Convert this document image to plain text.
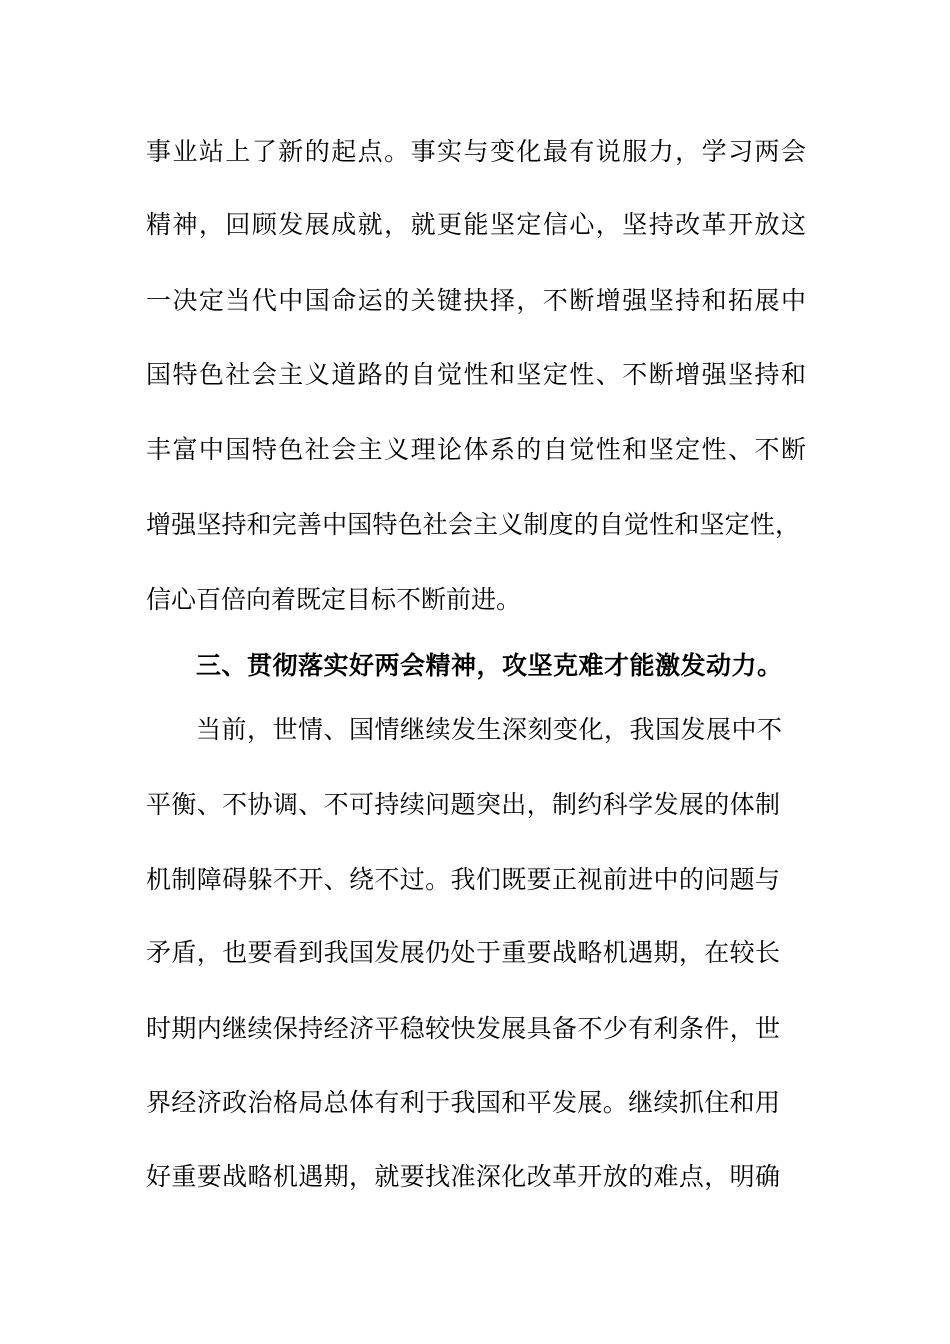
事业站上了新的起点。事实与变化最有说服力，学习两会
精神，回顾发展成就，就更能坚定信心，坚持改革开放这
一决定当代中国命运的关键抉择，不断增强坚持和拓展中
国特色社会主义道路的自觉性和坚定性、不断增强坚持和
丰富中国特色社会主义理论体系的自觉性和坚定性、不断
增强坚持和完善中国特色社会主义制度的自觉性和坚定性，
信心百倍向着既定目标不断前进。
三、贯彻落实好两会精神，攻坚克难才能激发动力。
当前，世情、国情继续发生深刻变化，我国发展中不
平衡、不协调、不可持续问题突出，制约科学发展的体制
机制障碍躲不开、绕不过。我们既要正视前进中的问题与
矛盾，也要看到我国发展仍处于重要战略机遇期，在较长
时期内继续保持经济平稳较快发展具备不少有利条件，世
界经济政治格局总体有利于我国和平发展。继续抓住和用
好重要战略机遇期，就要找准深化改革开放的难点，明确
